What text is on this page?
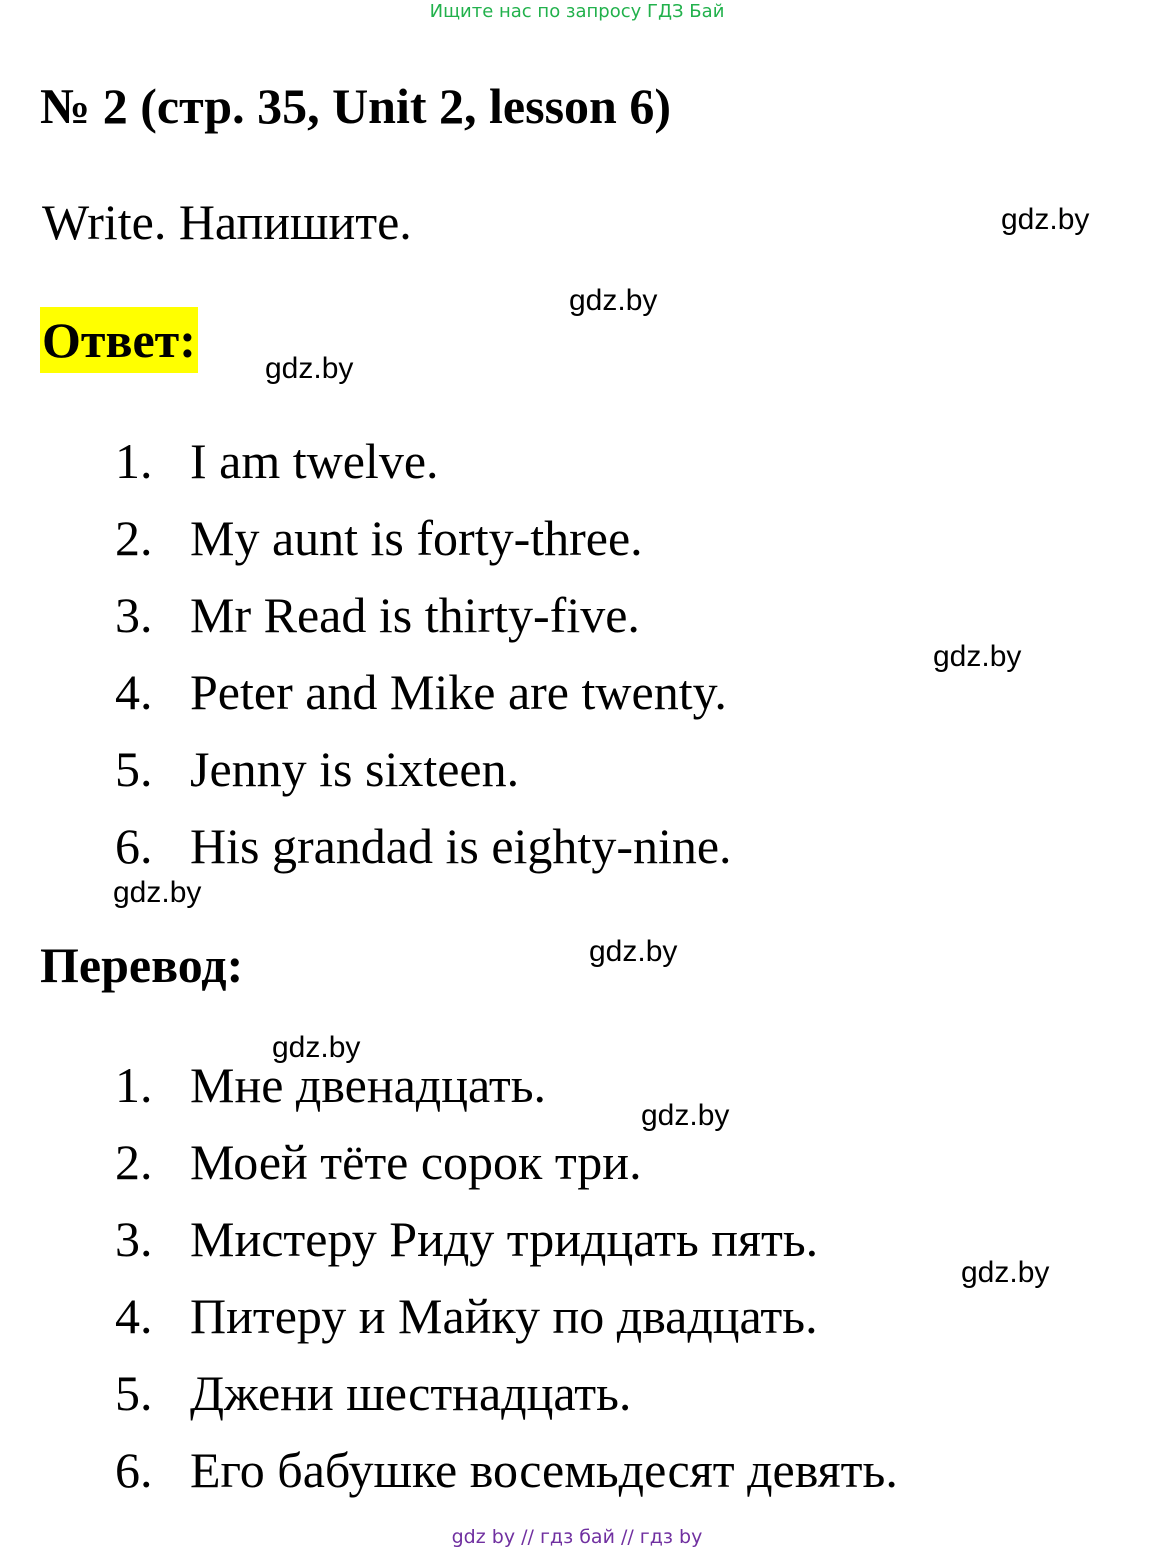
Ищите нас по запросу ГДЗ Бай
№ 2 (стр. 35, Unit 2, lesson 6)
Write. Напишите.
Ответ:
1. I am twelve.
2. My aunt is forty-three.
3. Mr Read is thirty-five.
4. Peter and Mike are twenty.
5. Jenny is sixteen.
6. His grandad is eighty-nine.
Перевод:
1. Мне двенадцать.
2. Моей тёте сорок три.
3. Мистеру Риду тридцать пять.
4. Питеру и Майку по двадцать.
5. Джени шестнадцать.
6. Его бабушке восемьдесят девять.
gdz.by
gdz.by
gdz.by
gdz.by
gdz.by
gdz.by
gdz.by
gdz.by
gdz.by
gdz by // гдз бай // гдз by
